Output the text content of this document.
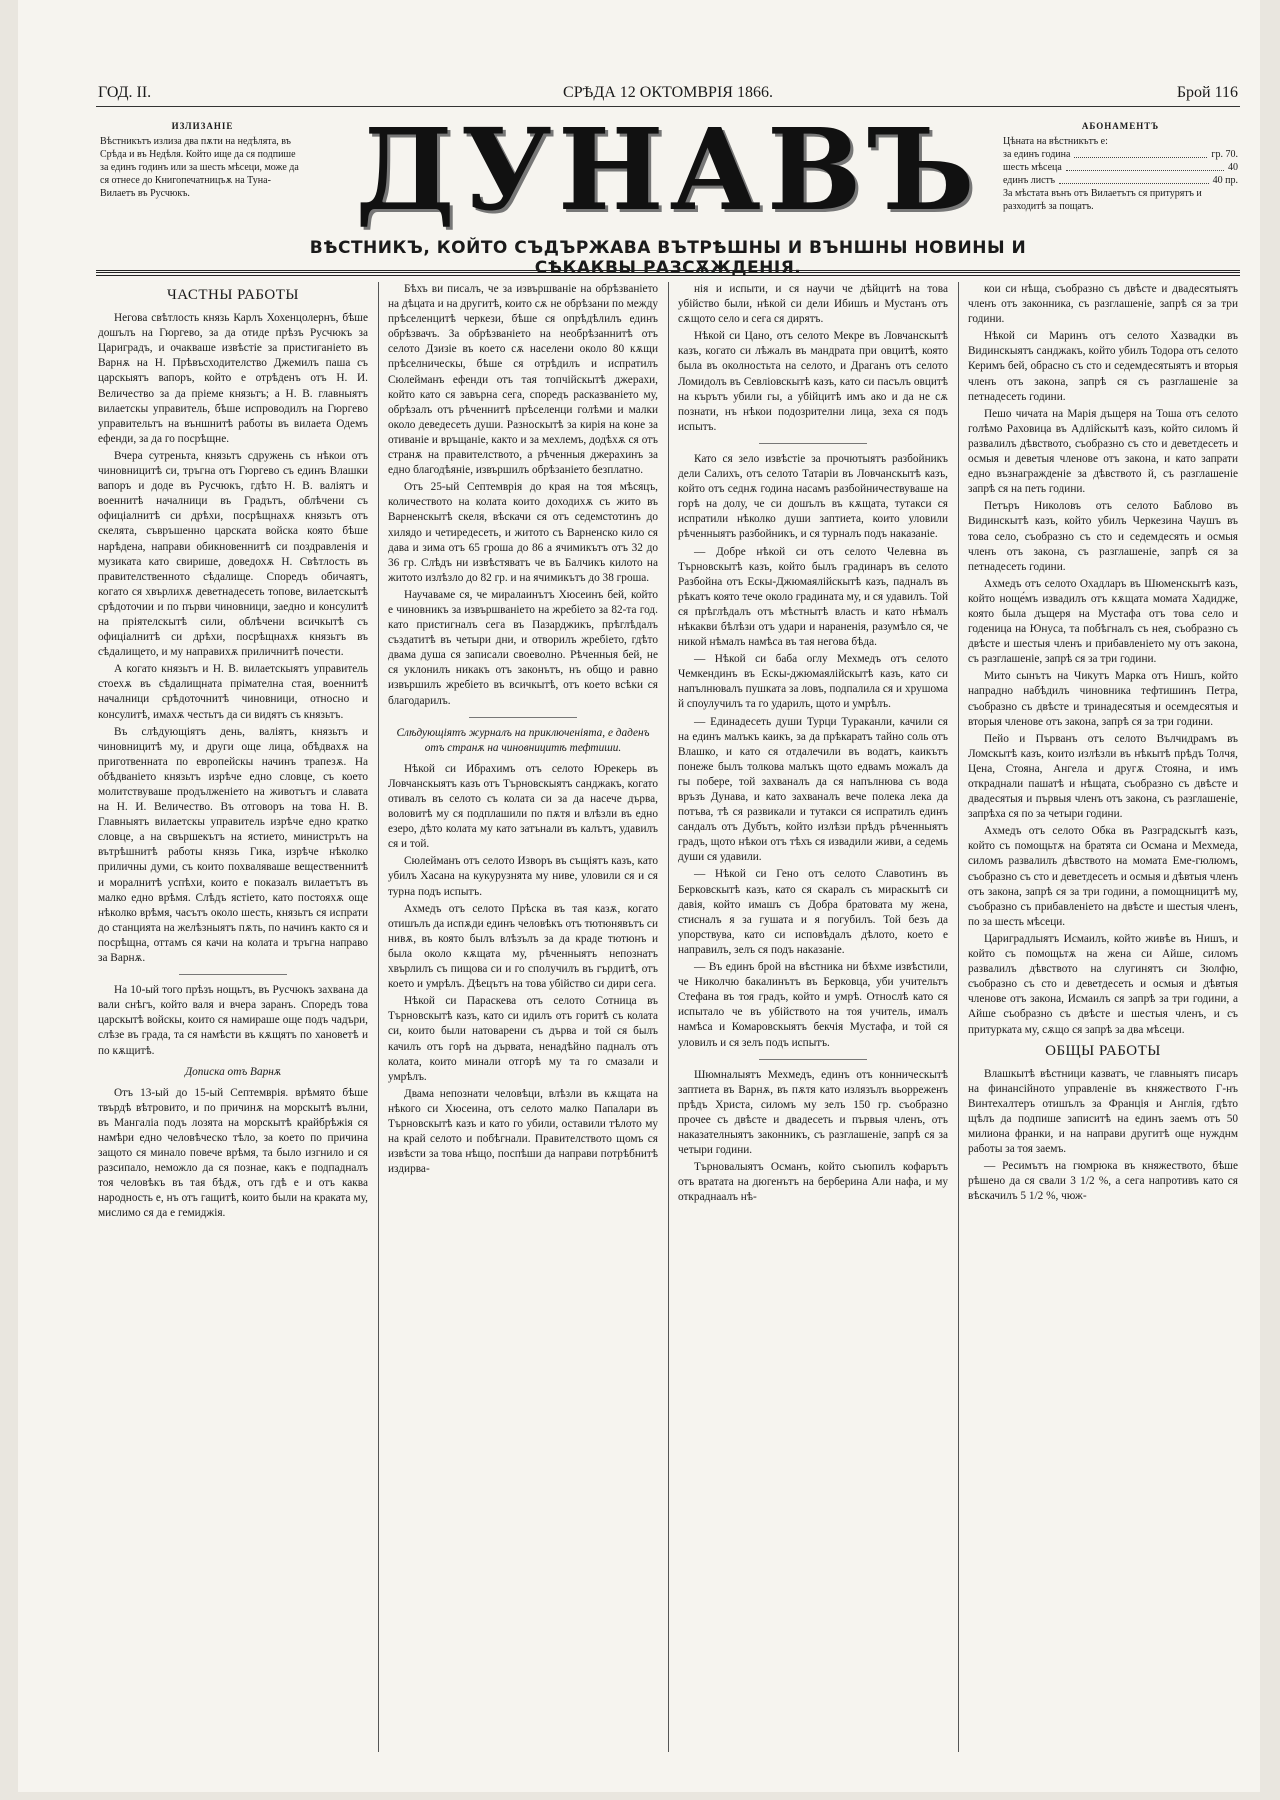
ГОД. II.	СРѢДА 12 ОКТОМВРІЯ 1866.	Брой 116
ИЗЛИЗАНІЕ
Вѣстникътъ излиза два пѫти на недѣлята, въ Срѣда и въ Недѣля. Който ище да ся подпише за единъ годинъ или за шесть мѣсеци, може да ся отнесе до Книгопечатницъѫ на Туна-Вилаетъ въ Русчюкъ.	ДУНАВЪ	АБОНАМЕНТЪ
Цѣната на вѣстникътъ е:
за единъ година	гр. 70.
шесть мѣсеца	40
единъ листъ	40 пр.
За мѣстата вънъ отъ Вилаетътъ ся притурятъ и разходитѣ за пощатъ.
ВѢСТНИКЪ, КОЙТО СЪДЪРЖАВА ВЪТРѢШНЫ И ВЪНШНЫ НОВИНЫ И СѢКАКВЫ РАЗСѪЖДЕНІЯ.
ЧАСТНЫ РАБОТЫ

Негова свѣтлость князь Карлъ Хохенцолернъ, бѣше дошълъ на Гюргево, за да отиде прѣзъ Русчюкъ за Цариградъ, и очакваше извѣстіе за пристиганіето въ Варнѫ на Н. Прѣвъсходителство Джемилъ паша съ царскыятъ вапоръ, който е отрѣденъ отъ Н. И. Величество за да пріеме князьтъ; а Н. В. главныятъ вилаетскы управитель, бѣше испроводилъ на Гюргево управительтъ на външнитѣ работы въ вилаета Одемъ ефенди, за да го посрѣщне.

Вчера сутреньта, князьтъ сдружень съ нѣкои отъ чиновницитѣ си, тръгна отъ Гюргево съ единъ Влашки вапоръ и доде въ Русчюкъ, гдѣто Н. В. валіятъ и военнитѣ началници въ Градътъ, облѣчени съ офиціалнитѣ си дрѣхи, посрѣщнахѫ князьтъ отъ скелята, съвръшенно царската войска която бѣше нарѣдена, направи обикновеннитѣ си поздравленія и музиката като свирише, доведохѫ Н. Свѣтлость въ правителственното сѣдалище. Споредъ обичаятъ, когато ся хвърлихѫ деветнадесеть топове, вилаетскытѣ срѣдоточии и по първи чиновници, заедно и консулитѣ на пріятелскытѣ сили, облѣчени всичкытѣ съ офиціалнитѣ си дрѣхи, посрѣщнахѫ князьтъ въ сѣдалището, и му направихѫ приличнитѣ почести.

А когато князьтъ и Н. В. вилаетскыятъ управитель стоехѫ въ сѣдалищната прімателна стая, военнитѣ началници срѣдоточнитѣ чиновници, относно и консулитѣ, имахѫ честьтъ да си видятъ съ князьтъ.

Въ слѣдующіятъ день, валіятъ, князьтъ и чиновницитѣ му, и други още лица, обѣдвахѫ на приготвенната по европейскы начинъ трапезѫ. На обѣдваніето князьтъ изрѣче едно словце, съ което молитствуваше продълженіето на животътъ и славата на Н. И. Величество. Въ отговоръ на това Н. В. Главныятъ вилаетскы управитель изрѣче едно кратко словце, а на свършекътъ на ястието, министрътъ на вътрѣшнитѣ работы князь Гика, изрѣче нѣколко приличны думи, съ които похваляваше вещественнитѣ и моралнитѣ успѣхи, които е показалъ вилаетътъ въ малко едно врѣмя. Слѣдъ ястіето, като постояхѫ още нѣколко врѣмя, часътъ около шесть, князьтъ ся испрати до станцията на желѣзныятъ пѫть, по начинъ както ся и посрѣщна, оттамъ ся качи на колата и тръгна направо за Варнѫ.

На 10-ый того прѣзъ нощьтъ, въ Русчюкъ захвана да вали снѣгъ, който валя и вчера заранъ. Споредъ това царскытѣ войскы, които ся намираше още подъ чадъри, слѣзе въ града, та ся намѣсти въ кѫщятъ по хановетѣ и по кѫщитѣ.

Дописка отъ Варнѫ

Отъ 13-ый до 15-ый Септемврія. врѣмято бѣше твърдѣ вѣтровито, и по причинѫ на морскытѣ вълни, въ Мангаліа подъ лозята на морскытѣ крайбрѣжія ся намѣри едно человѣческо тѣло, за което по причина защото ся минало повече врѣмя, та было изгнило и ся разсипало, неможло да ся познае, какъ е подпадналъ тоя человѣкъ въ тая бѣдѫ, отъ гдѣ е и отъ каква народность е, нъ отъ гащитѣ, които были на краката му, мислимо ся да е гемиджія.

Бѣхъ ви писалъ, че за извършваніе на обрѣзваніето на дѣцата и на другитѣ, които сѫ не обрѣзани по между прѣселенцитѣ черкези, бѣше ся опрѣдѣлилъ единъ обрѣзвачъ. За обрѣзваніето на необрѣзаннитѣ отъ селото Дзизіе въ което сѫ населени около 80 кѫщи прѣселническы, бѣше ся отрѣдилъ и испратилъ Сюлейманъ ефенди отъ тая топчійскытѣ джерахи, който като ся завърна сега, споредъ расказваніето му, обрѣзалъ отъ рѣченнитѣ прѣселенци голѣми и малки около деведесеть души. Разноскытѣ за кирія на коне за отиваніе и връщаніе, както и за мехлемъ, додѣхѫ ся отъ странѫ на правителството, а рѣченныя джерахинъ за едно благодѣяніе, извършилъ обрѣзаніето безплатно.

Отъ 25-ый Септемврія до края на тоя мѣсяцъ, количеството на колата които доходихѫ съ жито въ Варненскытѣ скеля, вѣскачи ся отъ седемстотинъ до хилядо и четиредесеть, и житото съ Варненско кило ся дава и зима отъ 65 гроша до 86 а ячимикътъ отъ 32 до 36 гр. Слѣдъ ни извѣстяватъ че въ Балчикъ килото на житото излѣзло до 82 гр. и на ячимикътъ до 38 гроша.

Научаваме ся, че миралаинътъ Хюсеинъ бей, който е чиновникъ за извършваніето на жребіето за 82-та год. като пристигналъ сега въ Пазарджикъ, прѣглѣдалъ създатитѣ въ четыри дни, и отворилъ жребіето, гдѣто двама душа ся записали своеволно. Рѣченныя бей, не ся уклонилъ никакъ отъ законътъ, нъ общо и равно извършилъ жребіето въ всичкытѣ, отъ което всѣки ся благодарилъ.

Слѣдующіятъ журналъ на приключеніята, е даденъ отъ странѫ на чиновницитѣ тефтиши.

Нѣкой си Ибрахимъ отъ селото Юрекерь въ Ловчанскыятъ казъ отъ Търновскыятъ санджакъ, когато отивалъ въ селото съ колата си за да насече дърва, воловитѣ му ся подплашили по пѫтя и влѣзли въ едно езеро, дѣто колата му като затънали въ калътъ, удавилъ ся и той.

Сюлейманъ отъ селото Изворъ въ същіятъ казъ, като убилъ Хасана на кукурузнята му ниве, уловили ся и ся турна подъ испытъ.

Ахмедъ отъ селото Прѣска въ тая казѫ, когато отишълъ да испѫди единъ человѣкъ отъ тютюнявътъ си нивѫ, въ която былъ влѣзълъ за да краде тютюнъ и была около кѫщата му, рѣченныятъ непознатъ хвърлилъ съ пищова си и го сполучилъ въ гърдитѣ, отъ което и умрѣлъ. Дѣецътъ на това убійство си дири сега.

Нѣкой си Параскева отъ селото Сотница въ Търновскытѣ казъ, като си идилъ отъ горитѣ съ колата си, които были натоварени съ дърва и той ся былъ качилъ отъ горѣ на дървата, ненадѣйно падналъ отъ колата, които минали отгорѣ му та го смазали и умрѣлъ.

Двама непознати человѣци, влѣзли въ кѫщата на нѣкого си Хюсеина, отъ селото малко Папалари въ Търновскытѣ казъ и като го убили, оставили тѣлото му на край селото и побѣгнали. Правителството щомъ ся извѣсти за това нѣщо, поспѣши да направи потрѣбнитѣ издирва-

нія и испыти, и ся научи че дѣйцитѣ на това убійство были, нѣкой си дели Ибишъ и Мустанъ отъ сѫщото село и сега ся дирятъ.

Нѣкой си Цано, отъ селото Мекре въ Ловчанскытѣ казъ, когато си лѣжалъ въ мандрата при овцитѣ, която была въ околностьта на селото, и Драганъ отъ селото Ломидолъ въ Севліовскытѣ казъ, като си пасълъ овцитѣ на кърътъ убили гы, а убійцитѣ имъ ако и да не сѫ познати, нъ нѣкои подозрителни лица, зеха ся подъ испытъ.

Като ся зело извѣстіе за прочютыятъ разбойникъ дели Салихъ, отъ селото Татаріи въ Ловчанскытѣ казъ, който отъ седнѫ година насамъ разбойничествуваше на горѣ на долу, че си дошълъ въ кѫщата, тутакси ся испратили нѣколко души заптиета, които уловили рѣченныятъ разбойникъ, и ся турналъ подъ наказаніе.

— Добре нѣкой си отъ селото Челевна въ Търновскытѣ казъ, който былъ градинаръ въ селото Разбойна отъ Ескы-Джюмаялійскытѣ казъ, падналъ въ рѣкатъ която тече около градината му, и ся удавилъ. Той ся прѣглѣдалъ отъ мѣстнытѣ власть и като нѣмалъ нѣкакви бѣлѣзи отъ удари и нараненія, разумѣло ся, че никой нѣмалъ намѣса въ тая негова бѣда.

— Нѣкой си баба оглу Мехмедъ отъ селото Чемкендинъ въ Ескы-джюмаялійскытѣ казъ, като си напълнювалъ пушката за ловъ, подпалила ся и хрушома й споулучилъ та го ударилъ, щото и умрѣлъ.

— Единадесеть души Турци Тураканли, качили ся на единъ малъкъ каикъ, за да прѣкаратъ тайно соль отъ Влашко, и като ся отдалечили въ водатъ, каикътъ понеже былъ толкова малъкъ щото едвамъ можалъ да гы побере, той захваналъ да ся напълнюва съ вода връзъ Дунава, и като захваналъ вече полека лека да потъва, тѣ ся развикали и тутакси ся испратилъ единъ сандалъ отъ Дубътъ, който излѣзи прѣдъ рѣченныятъ градъ, щото нѣкои отъ тѣхъ ся извадили живи, а седемь души ся удавили.

— Нѣкой си Гено отъ селото Славотинъ въ Берковскытѣ казъ, като ся скаралъ съ мираскытѣ си давія, който имашъ съ Добра братовата му жена, стисналъ я за гушата и я погубилъ. Той безъ да упорствува, като си исповѣдалъ дѣлото, което е направилъ, зелъ ся подъ наказаніе.

— Въ единъ брой на вѣстника ни бѣхме извѣстили, че Николчю бакалинътъ въ Берковца, уби учительтъ Стефана въ тоя градъ, който и умрѣ. Относлѣ като ся испытало че въ убійството на тоя учитель, ималъ намѣса и Комаровскыятъ бекчія Мустафа, и той ся уловилъ и ся зелъ подъ испытъ.

Шюмналыятъ Мехмедъ, единъ отъ конническытѣ заптиета въ Варнѫ, въ пѫтя като излязълъ вьорреженъ прѣдъ Христа, силомъ му зелъ 150 гр. съобразно прочее съ двѣсте и двадесеть и първыя членъ, отъ наказателныятъ законникъ, съ разглашеніе, запрѣ ся за четыри години.

Търновалыятъ Османъ, който съюпилъ кофарътъ отъ вратата на дюгенътъ на берберина Али нафа, и му откраднаалъ нѣ-

кои си нѣща, съобразно съ двѣсте и двадесятыятъ членъ отъ законника, съ разглашеніе, запрѣ ся за три години.

Нѣкой си Маринъ отъ селото Хазвадки въ Видинскыятъ санджакъ, който убилъ Тодора отъ селото Керимъ бей, обрасно съ сто и седемдесятыятъ и вторыя членъ отъ закона, запрѣ ся съ разглашеніе за петнадесеть години.

Пешо чичата на Марія дъщеря на Тоша отъ селото голѣмо Раховица въ Адлійскытѣ казъ, който силомъ й развалилъ дѣвството, съобразно съ сто и деветдесеть и осмыя и деветыя членове отъ закона, и като запрати едно възнагражденіе за дѣвството й, съ разглашеніе запрѣ ся на петь години.

Петъръ Николовъ отъ селото Баблово въ Видинскытѣ казъ, който убилъ Черкезина Чаушъ въ това село, съобразно съ сто и седемдесять и осмыя членъ отъ закона, съ разглашеніе, запрѣ ся за петнадесеть години.

Ахмедъ отъ селото Охадларъ въ Шюменскытѣ казъ, който ноще́мъ извадилъ отъ кѫщата момата Хадидже, която была дъщеря на Мустафа отъ това село и годеница на Юнуса, та побѣгналъ съ нея, съобразно съ двѣсте и шестыя членъ и прибавленіето му отъ закона, съ разглашеніе, запрѣ ся за три години.

Мито сынътъ на Чикутъ Марка отъ Нишъ, който напрадно набѣдилъ чиновника тефтишинъ Петра, съобразно съ двѣсте и тринадесятыя и осемдесятыя и вторыя членове отъ закона, запрѣ ся за три години.

Пейо и Първанъ отъ селото Вълчидрамъ въ Ломскытѣ казъ, които излѣзли въ нѣкытѣ прѣдъ Толчя, Цена, Стояна, Ангела и другѫ Стояна, и имъ откраднали пашатѣ и нѣщата, съобразно съ двѣсте и двадесятыя и първыя членъ отъ закона, съ разглашеніе, запрѣха ся по за четыри години.

Ахмедъ отъ селото Обка въ Разградскытѣ казъ, който съ помощьтѫ на братята си Османа и Мехмеда, силомъ развалилъ дѣвството на момата Еме-гюлюмъ, съобразно съ сто и деветдесеть и осмыя и дѣвтыя членъ отъ закона, запрѣ ся за три години, а помощницитѣ му, съобразно съ прибавленіето на двѣсте и шестыя членъ, по за шесть мѣсеци.

Цариградлыятъ Исмаилъ, който живѣе въ Нишъ, и който съ помощьтѫ на жена си Айше, силомъ развалилъ дѣвството на слугинятъ си Зюлфю, съобразно съ сто и деветдесеть и осмыя и дѣвтыя членове отъ закона, Исмаилъ ся запрѣ за три години, а Айше съобразно съ двѣсте и шестыя членъ, и съ притурката му, сѫщо ся запрѣ за два мѣсеци.

ОБЩЫ РАБОТЫ

Влашкытѣ вѣстници казватъ, че главныятъ писаръ на финансійното управленіе въ княжеството Г-нъ Винтехалтеръ отишълъ за Франція и Англія, гдѣто щѣлъ да подпише записитѣ на единъ заемъ отъ 50 милиона франки, и на направи другитѣ още нужднм работы за тоя заемъ.

— Ресимътъ на гюмрюка въ княжеството, бѣше рѣшено да ся свали 3 1/2 %, а сега напротивъ като ся вѣскачилъ 5 1/2 %, чюж-
